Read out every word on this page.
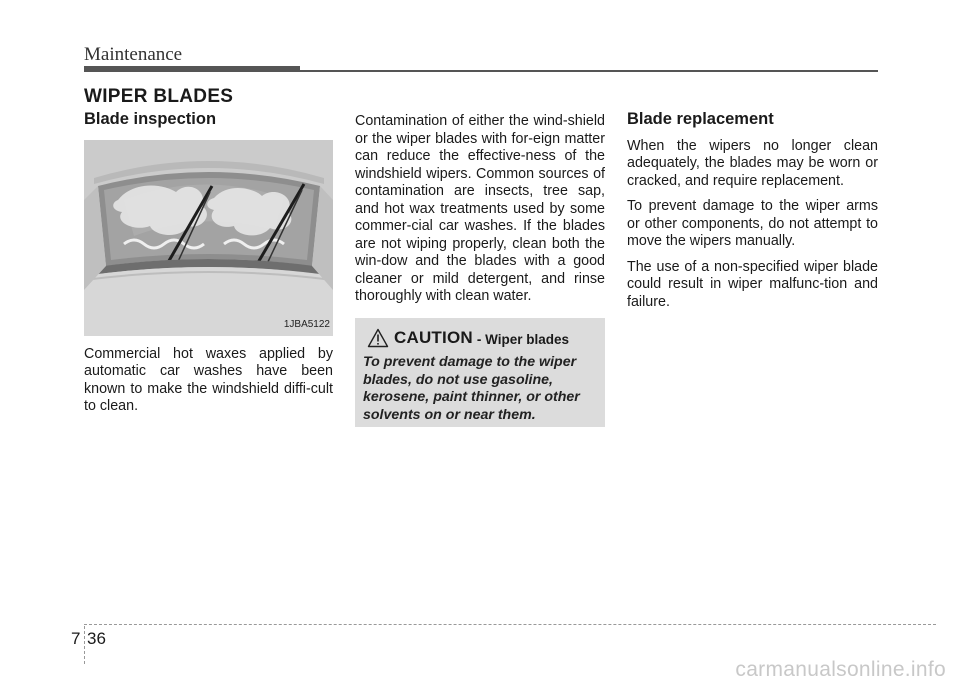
Maintenance
WIPER BLADES
Blade inspection
1JBA5122

Commercial hot waxes applied by automatic car washes have been known to make the windshield diffi-cult to clean.

Contamination of either the wind-shield or the wiper blades with for-eign matter can reduce the effective-ness of the windshield wipers. Common sources of contamination are insects, tree sap, and hot wax treatments used by some commer-cial car washes. If the blades are not wiping properly, clean both the win-dow and the blades with a good cleaner or mild detergent, and rinse thoroughly with clean water.

CAUTION - Wiper blades
To prevent damage to the wiper blades, do not use gasoline, kerosene, paint thinner, or other solvents on or near them.
Blade replacement

When the wipers no longer clean adequately, the blades may be worn or cracked, and require replacement.

To prevent damage to the wiper arms or other components, do not attempt to move the wipers manually.

The use of a non-specified wiper blade could result in wiper malfunc-tion and failure.

7 36
carmanualsonline.info
